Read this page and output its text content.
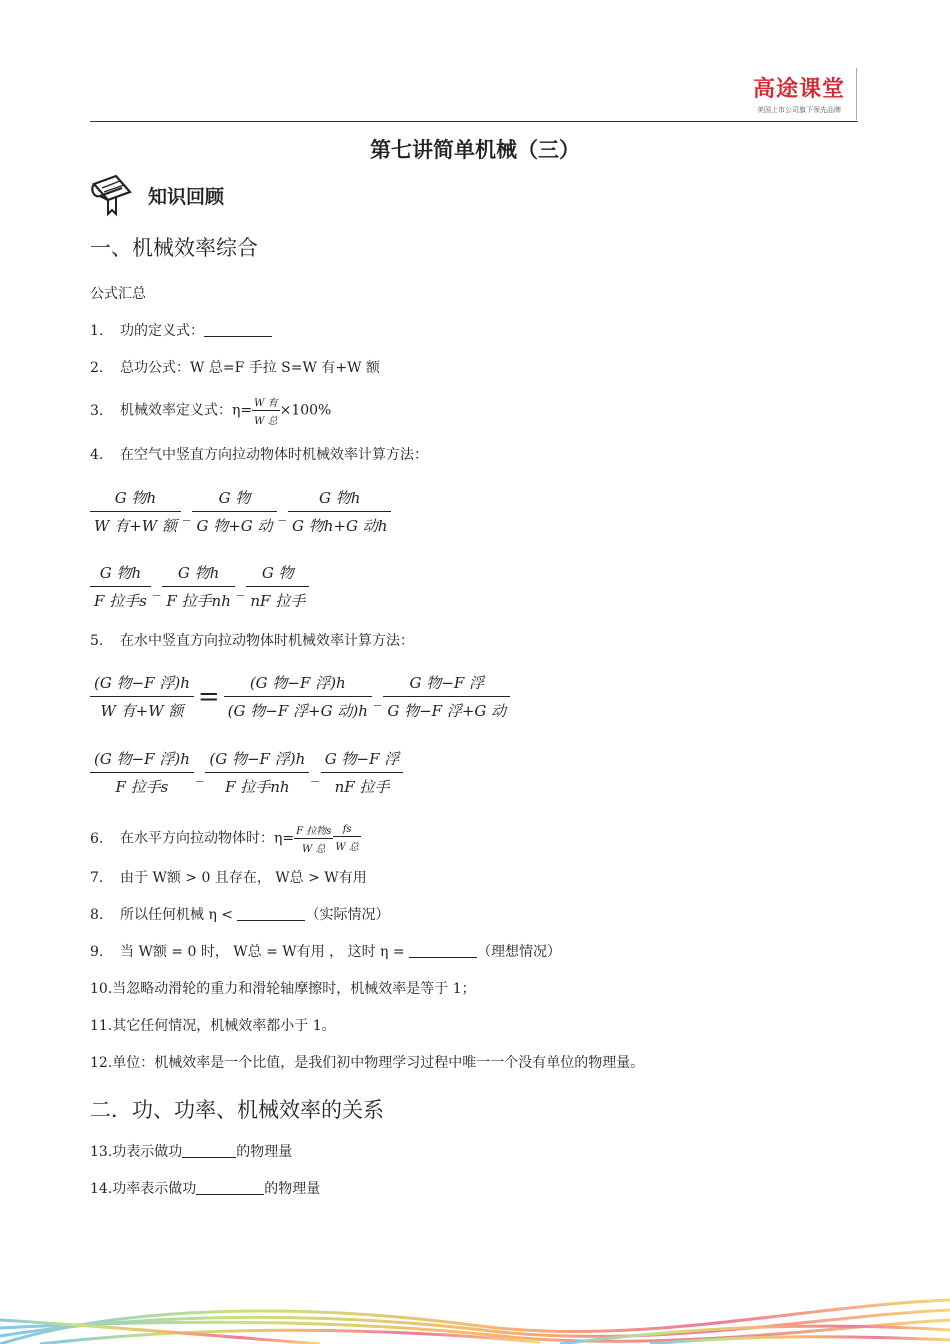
高途课堂
美国上市公司旗下领先品牌
第七讲简单机械（三）
知识回顾
一、机械效率综合
公式汇总
1. 功的定义式：
2. 总功公式：W 总=F 手拉 S=W 有+W 额
3. 机械效率定义式：η= W 有
W 总
×100%
4. 在空气中竖直方向拉动物体时机械效率计算方法：
$\frac{\text{G 物h}}{\text{W 有+W 额}}$ _ $\frac{\text{G 物}}{\text{G 物+G 动}}$ _ $\frac{\text{G 物h}}{\text{G 物h+G 动h}}$
$\frac{\text{G 物h}}{\text{F 拉手s}}$ _ $\frac{\text{G 物h}}{\text{F 拉手nh}}$ _ $\frac{\text{G 物}}{\text{nF 拉手}}$
5. 在水中竖直方向拉动物体时机械效率计算方法：
$\frac{\text{(G 物−F 浮)h}}{\text{W 有+W 额}} = \frac{\text{(G 物−F 浮)h}}{\text{(G 物−F 浮+G 动)h}}$ _ $\frac{\text{G 物−F 浮}}{\text{G 物−F 浮+G 动}}$
$\frac{\text{(G 物−F 浮)h}}{\text{F 拉手s}}$ _ $\frac{\text{(G 物−F 浮)h}}{\text{F 拉手nh}}$ _ $\frac{\text{G 物−F 浮}}{\text{nF 拉手}}$
6. 在水平方向拉动物体时：η= F 拉物s
W 总
fs
W 总
7. 由于 W额 > 0 且存在， W总 > W有用
8. 所以任何机械 η <	（实际情况）
9. 当 W额 = 0 时， W总 = W有用 ， 这时 η =	（理想情况）
10.当忽略动滑轮的重力和滑轮轴摩擦时，机械效率是等于 1；
11.其它任何情况，机械效率都小于 1。
12.单位：机械效率是一个比值，是我们初中物理学习过程中唯一一个没有单位的物理量。
二．功、功率、机械效率的关系
13.功表示做功	的物理量
14.功率表示做功	的物理量
